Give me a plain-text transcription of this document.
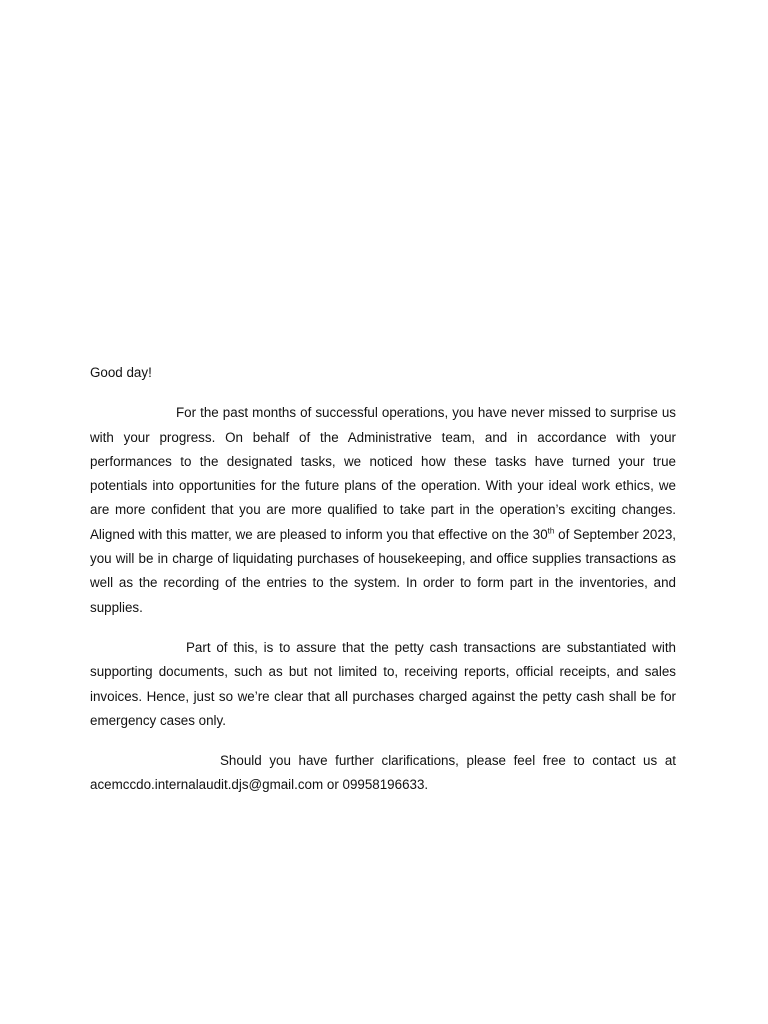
Good day!

For the past months of successful operations, you have never missed to surprise us with your progress. On behalf of the Administrative team, and in accordance with your performances to the designated tasks, we noticed how these tasks have turned your true potentials into opportunities for the future plans of the operation. With your ideal work ethics, we are more confident that you are more qualified to take part in the operation’s exciting changes. Aligned with this matter, we are pleased to inform you that effective on the 30th of September 2023, you will be in charge of liquidating purchases of housekeeping, and office supplies transactions as well as the recording of the entries to the system. In order to form part in the inventories, and supplies.

Part of this, is to assure that the petty cash transactions are substantiated with supporting documents, such as but not limited to, receiving reports, official receipts, and sales invoices. Hence, just so we’re clear that all purchases charged against the petty cash shall be for emergency cases only.

Should you have further clarifications, please feel free to contact us at acemccdo.internalaudit.djs@gmail.com or 09958196633.
